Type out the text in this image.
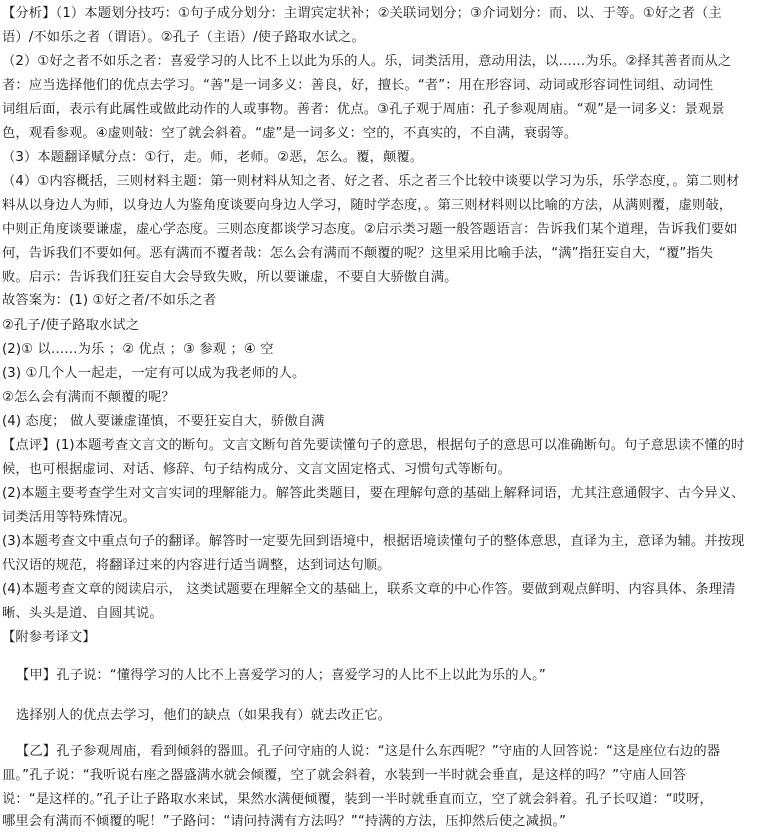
【分析】（1）本题划分技巧：①句子成分划分：主谓宾定状补；②关联词划分；③介词划分：而、以、于等。①好之者（主
语）/不如乐之者（谓语）。②孔子（主语）/使子路取水试之。
（2）①好之者不如乐之者：喜爱学习的人比不上以此为乐的人。乐，词类活用，意动用法，以……为乐。②择其善者而从之
者：应当选择他们的优点去学习。“善”是一词多义：善良，好，擅长。“者”：用在形容词、动词或形容词性词组、动词性
词组后面，表示有此属性或做此动作的人或事物。善者：优点。③孔子观于周庙：孔子参观周庙。“观”是一词多义：景观景
色，观看参观。④虚则敧：空了就会斜着。“虚”是一词多义：空的，不真实的，不自满，衰弱等。
（3）本题翻译赋分点：①行，走。师，老师。②恶，怎么。覆，颠覆。
（4）①内容概括，三则材料主题：第一则材料从知之者、好之者、乐之者三个比较中谈要以学习为乐，乐学态度，。第二则材
料从以身边人为师，以身边人为鉴角度谈要向身边人学习，随时学态度，。第三则材料则以比喻的方法，从满则覆，虚则敧，
中则正角度谈要谦虚，虚心学态度。三则态度都谈学习态度。②启示类习题一般答题语言：告诉我们某个道理，告诉我们要如
何，告诉我们不要如何。恶有满而不覆者哉：怎么会有满而不颠覆的呢？这里采用比喻手法，“满”指狂妄自大，“覆”指失
败。启示：告诉我们狂妄自大会导致失败，所以要谦虚，不要自大骄傲自满。
故答案为：(1) ①好之者/不如乐之者
②孔子/使子路取水试之
(2)① 以……为乐 ；② 优点 ；③ 参观 ；④ 空
(3) ①几个人一起走，一定有可以成为我老师的人。
②怎么会有满而不颠覆的呢？
(4) 态度； 做人要谦虚谨慎，不要狂妄自大，骄傲自满
【点评】(1)本题考查文言文的断句。文言文断句首先要读懂句子的意思，根据句子的意思可以准确断句。句子意思读不懂的时
候，也可根据虚词、对话、修辞、句子结构成分、文言文固定格式、习惯句式等断句。
(2)本题主要考查学生对文言实词的理解能力。解答此类题目，要在理解句意的基础上解释词语，尤其注意通假字、古今异义、
词类活用等特殊情况。
(3)本题考查文中重点句子的翻译。解答时一定要先回到语境中，根据语境读懂句子的整体意思，直译为主，意译为辅。并按现
代汉语的规范，将翻译过来的内容进行适当调整，达到词达句顺。
(4)本题考查文章的阅读启示， 这类试题要在理解全文的基础上，联系文章的中心作答。要做到观点鲜明、内容具体、条理清
晰、头头是道、自圆其说。
【附参考译文】
【甲】孔子说：“懂得学习的人比不上喜爱学习的人；喜爱学习的人比不上以此为乐的人。”
选择别人的优点去学习，他们的缺点（如果我有）就去改正它。
【乙】孔子参观周庙，看到倾斜的器皿。孔子问守庙的人说：“这是什么东西呢？”守庙的人回答说：“这是座位右边的器
皿。”孔子说：“我听说右座之器盛满水就会倾覆，空了就会斜着，水装到一半时就会垂直，是这样的吗？”守庙人回答
说：“是这样的。”孔子让子路取水来试，果然水满便倾覆，装到一半时就垂直而立，空了就会斜着。孔子长叹道：“哎呀，
哪里会有满而不倾覆的呢！”子路问：“请问持满有方法吗？”“持满的方法，压抑然后使之减损。”
